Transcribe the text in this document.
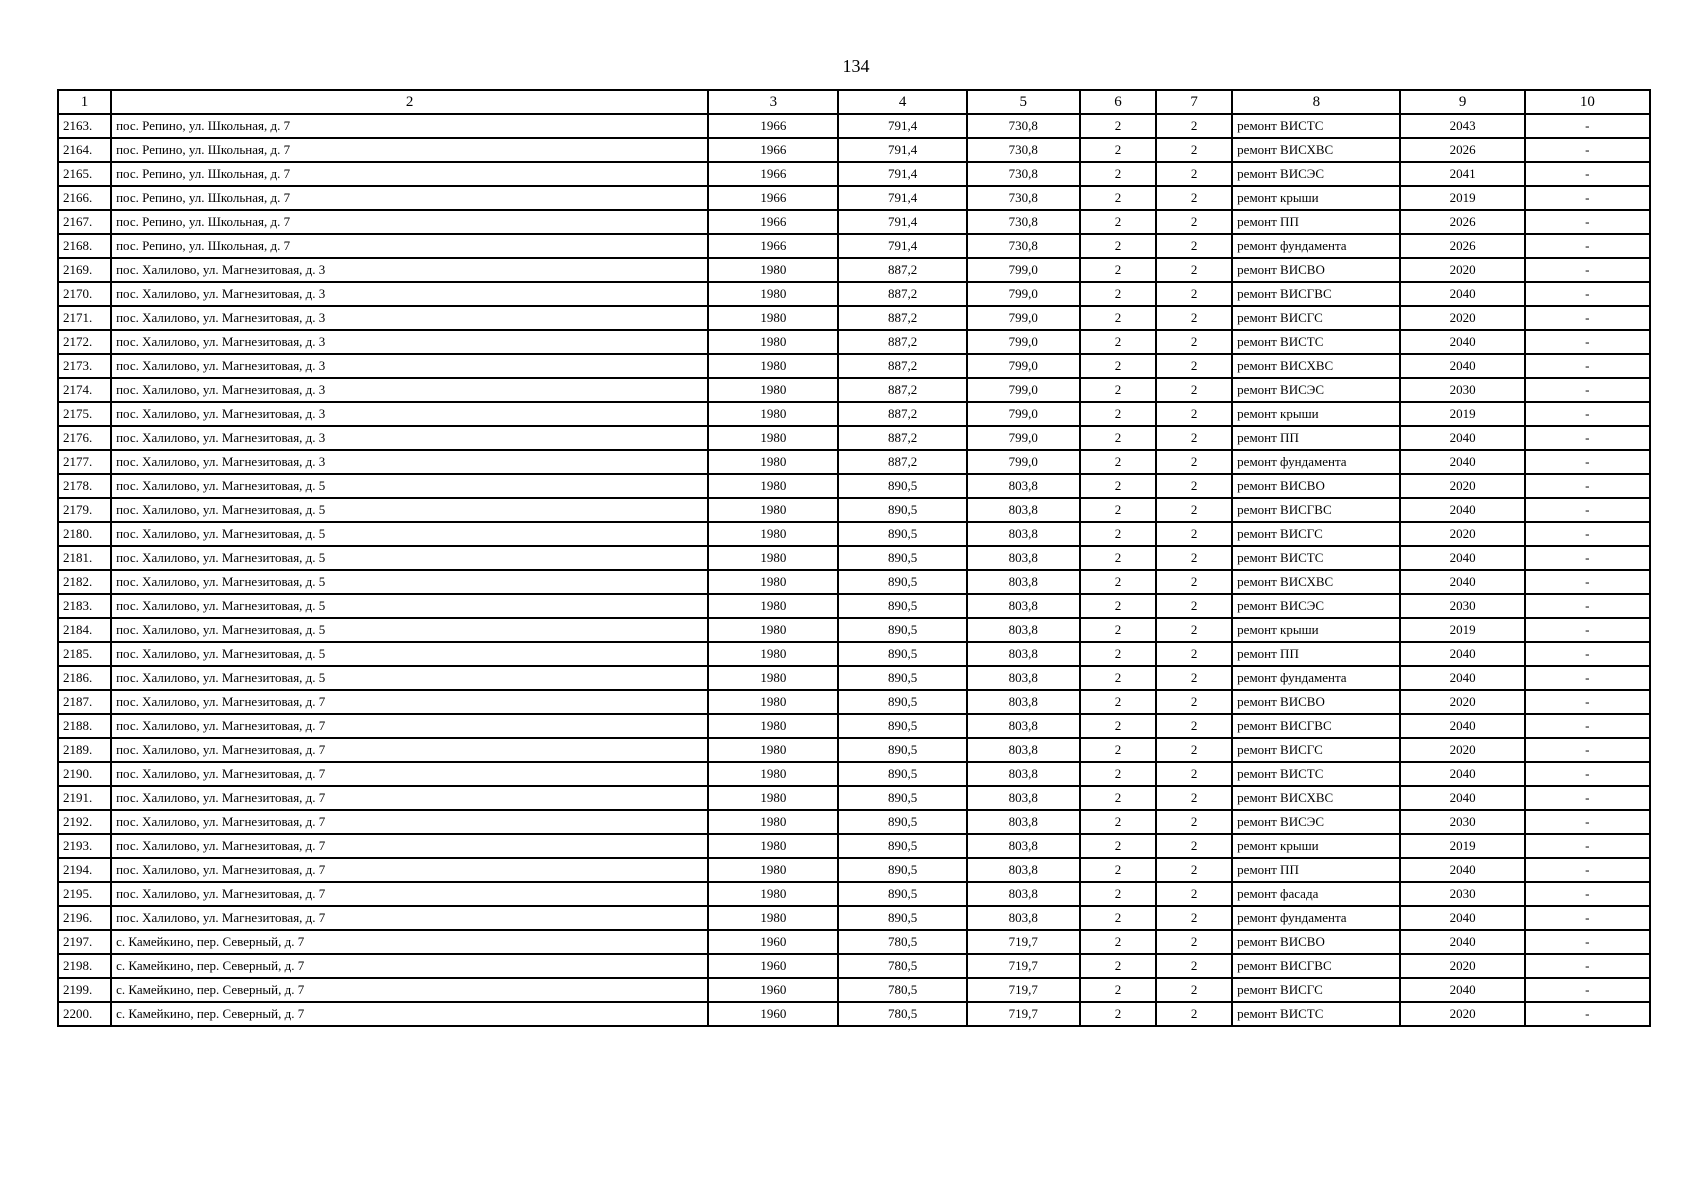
134
1	2	3	4	5	6	7	8	9	10
2163.	пос. Репино, ул. Школьная, д. 7	1966	791,4	730,8	2	2	ремонт ВИСТС	2043	-
2164.	пос. Репино, ул. Школьная, д. 7	1966	791,4	730,8	2	2	ремонт ВИСХВС	2026	-
2165.	пос. Репино, ул. Школьная, д. 7	1966	791,4	730,8	2	2	ремонт ВИСЭС	2041	-
2166.	пос. Репино, ул. Школьная, д. 7	1966	791,4	730,8	2	2	ремонт крыши	2019	-
2167.	пос. Репино, ул. Школьная, д. 7	1966	791,4	730,8	2	2	ремонт ПП	2026	-
2168.	пос. Репино, ул. Школьная, д. 7	1966	791,4	730,8	2	2	ремонт фундамента	2026	-
2169.	пос. Халилово, ул. Магнезитовая, д. 3	1980	887,2	799,0	2	2	ремонт ВИСВО	2020	-
2170.	пос. Халилово, ул. Магнезитовая, д. 3	1980	887,2	799,0	2	2	ремонт ВИСГВС	2040	-
2171.	пос. Халилово, ул. Магнезитовая, д. 3	1980	887,2	799,0	2	2	ремонт ВИСГС	2020	-
2172.	пос. Халилово, ул. Магнезитовая, д. 3	1980	887,2	799,0	2	2	ремонт ВИСТС	2040	-
2173.	пос. Халилово, ул. Магнезитовая, д. 3	1980	887,2	799,0	2	2	ремонт ВИСХВС	2040	-
2174.	пос. Халилово, ул. Магнезитовая, д. 3	1980	887,2	799,0	2	2	ремонт ВИСЭС	2030	-
2175.	пос. Халилово, ул. Магнезитовая, д. 3	1980	887,2	799,0	2	2	ремонт крыши	2019	-
2176.	пос. Халилово, ул. Магнезитовая, д. 3	1980	887,2	799,0	2	2	ремонт ПП	2040	-
2177.	пос. Халилово, ул. Магнезитовая, д. 3	1980	887,2	799,0	2	2	ремонт фундамента	2040	-
2178.	пос. Халилово, ул. Магнезитовая, д. 5	1980	890,5	803,8	2	2	ремонт ВИСВО	2020	-
2179.	пос. Халилово, ул. Магнезитовая, д. 5	1980	890,5	803,8	2	2	ремонт ВИСГВС	2040	-
2180.	пос. Халилово, ул. Магнезитовая, д. 5	1980	890,5	803,8	2	2	ремонт ВИСГС	2020	-
2181.	пос. Халилово, ул. Магнезитовая, д. 5	1980	890,5	803,8	2	2	ремонт ВИСТС	2040	-
2182.	пос. Халилово, ул. Магнезитовая, д. 5	1980	890,5	803,8	2	2	ремонт ВИСХВС	2040	-
2183.	пос. Халилово, ул. Магнезитовая, д. 5	1980	890,5	803,8	2	2	ремонт ВИСЭС	2030	-
2184.	пос. Халилово, ул. Магнезитовая, д. 5	1980	890,5	803,8	2	2	ремонт крыши	2019	-
2185.	пос. Халилово, ул. Магнезитовая, д. 5	1980	890,5	803,8	2	2	ремонт ПП	2040	-
2186.	пос. Халилово, ул. Магнезитовая, д. 5	1980	890,5	803,8	2	2	ремонт фундамента	2040	-
2187.	пос. Халилово, ул. Магнезитовая, д. 7	1980	890,5	803,8	2	2	ремонт ВИСВО	2020	-
2188.	пос. Халилово, ул. Магнезитовая, д. 7	1980	890,5	803,8	2	2	ремонт ВИСГВС	2040	-
2189.	пос. Халилово, ул. Магнезитовая, д. 7	1980	890,5	803,8	2	2	ремонт ВИСГС	2020	-
2190.	пос. Халилово, ул. Магнезитовая, д. 7	1980	890,5	803,8	2	2	ремонт ВИСТС	2040	-
2191.	пос. Халилово, ул. Магнезитовая, д. 7	1980	890,5	803,8	2	2	ремонт ВИСХВС	2040	-
2192.	пос. Халилово, ул. Магнезитовая, д. 7	1980	890,5	803,8	2	2	ремонт ВИСЭС	2030	-
2193.	пос. Халилово, ул. Магнезитовая, д. 7	1980	890,5	803,8	2	2	ремонт крыши	2019	-
2194.	пос. Халилово, ул. Магнезитовая, д. 7	1980	890,5	803,8	2	2	ремонт ПП	2040	-
2195.	пос. Халилово, ул. Магнезитовая, д. 7	1980	890,5	803,8	2	2	ремонт фасада	2030	-
2196.	пос. Халилово, ул. Магнезитовая, д. 7	1980	890,5	803,8	2	2	ремонт фундамента	2040	-
2197.	с. Камейкино, пер. Северный, д. 7	1960	780,5	719,7	2	2	ремонт ВИСВО	2040	-
2198.	с. Камейкино, пер. Северный, д. 7	1960	780,5	719,7	2	2	ремонт ВИСГВС	2020	-
2199.	с. Камейкино, пер. Северный, д. 7	1960	780,5	719,7	2	2	ремонт ВИСГС	2040	-
2200.	с. Камейкино, пер. Северный, д. 7	1960	780,5	719,7	2	2	ремонт ВИСТС	2020	-
